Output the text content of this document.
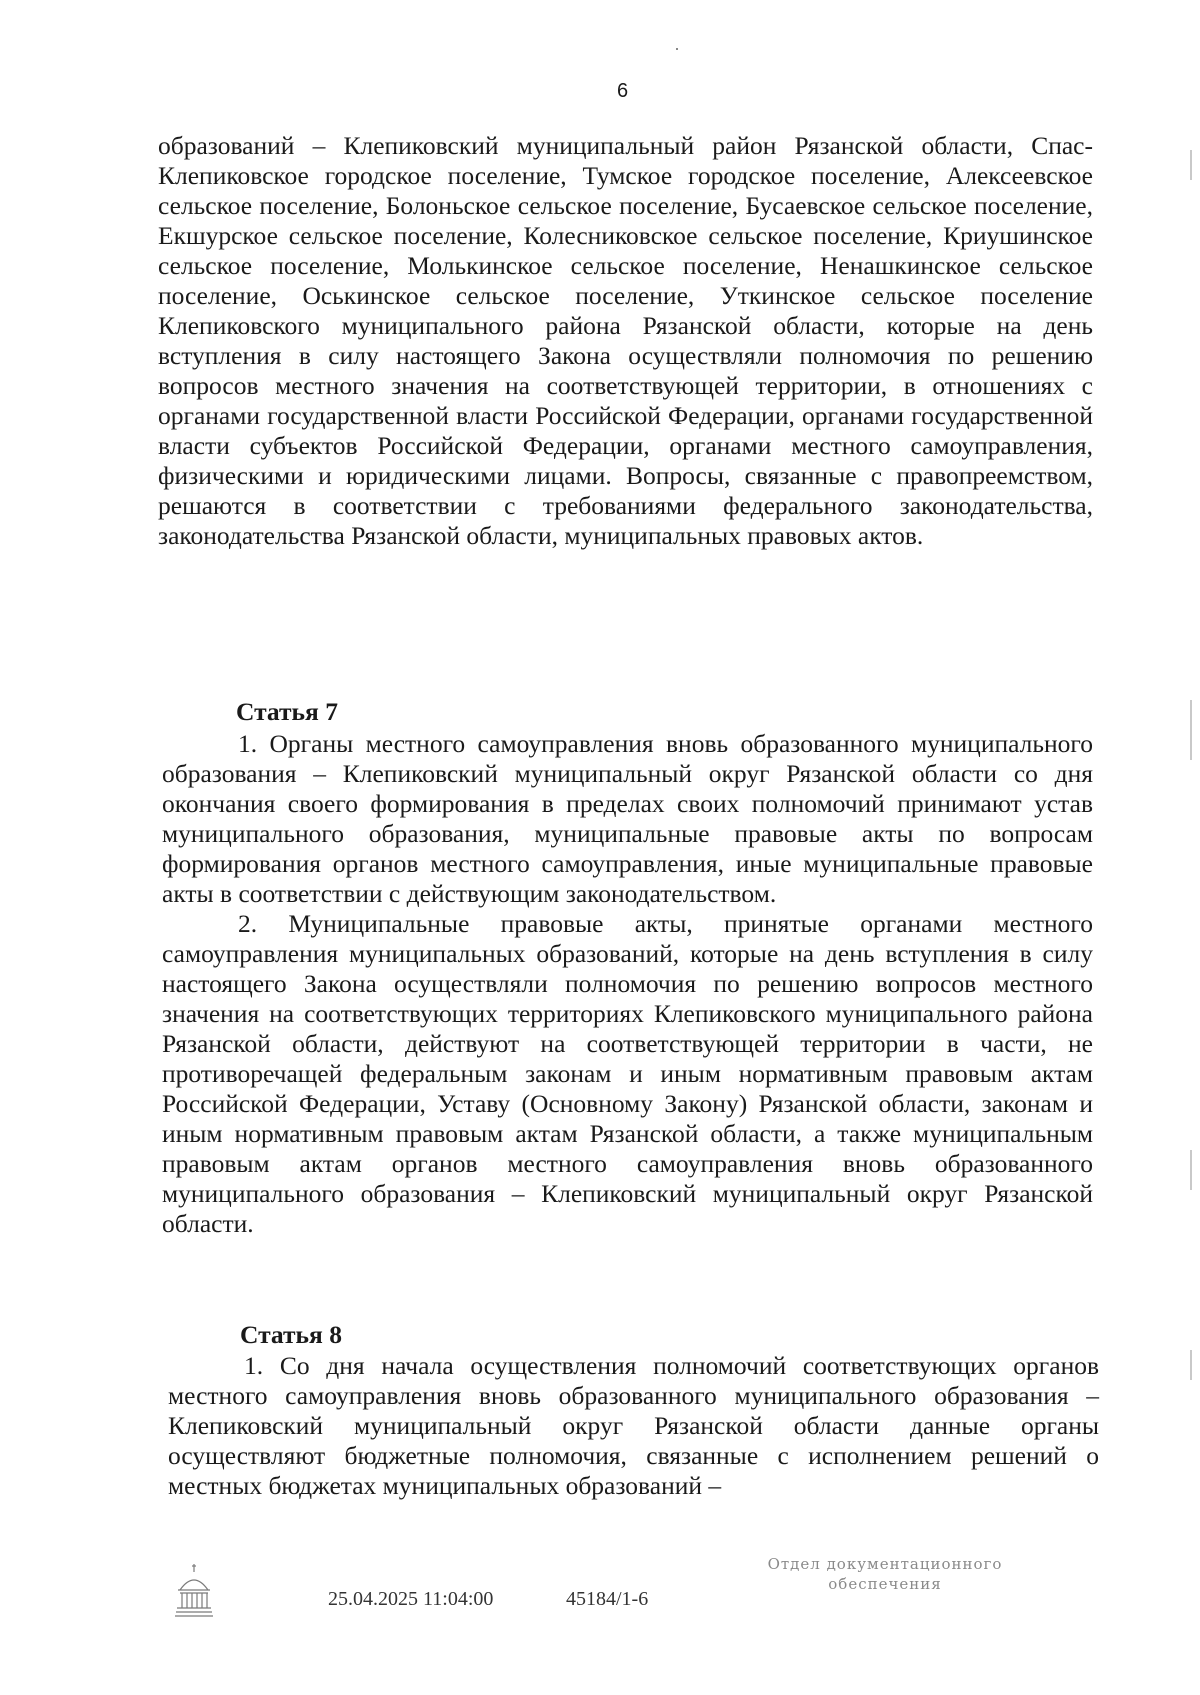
6

образований – Клепиковский муниципальный район Рязанской области, Спас-Клепиковское городское поселение, Тумское городское поселение, Алексеевское сельское поселение, Болоньское сельское поселение, Бусаевское сельское поселение, Екшурское сельское поселение, Колесниковское сельское поселение, Криушинское сельское поселение, Молькинское сельское поселение, Ненашкинское сельское поселение, Оськинское сельское поселение, Уткинское сельское поселение Клепиковского муниципального района Рязанской области, которые на день вступления в силу настоящего Закона осуществляли полномочия по решению вопросов местного значения на соответствующей территории, в отношениях с органами государственной власти Российской Федерации, органами государственной власти субъектов Российской Федерации, органами местного самоуправления, физическими и юридическими лицами. Вопросы, связанные с правопреемством, решаются в соответствии с требованиями федерального законодательства, законодательства Рязанской области, муниципальных правовых актов.

Статья 7

1. Органы местного самоуправления вновь образованного муниципального образования – Клепиковский муниципальный округ Рязанской области со дня окончания своего формирования в пределах своих полномочий принимают устав муниципального образования, муниципальные правовые акты по вопросам формирования органов местного самоуправления, иные муниципальные правовые акты в соответствии с действующим законодательством.

2. Муниципальные правовые акты, принятые органами местного самоуправления муниципальных образований, которые на день вступления в силу настоящего Закона осуществляли полномочия по решению вопросов местного значения на соответствующих территориях Клепиковского муниципального района Рязанской области, действуют на соответствующей территории в части, не противоречащей федеральным законам и иным нормативным правовым актам Российской Федерации, Уставу (Основному Закону) Рязанской области, законам и иным нормативным правовым актам Рязанской области, а также муниципальным правовым актам органов местного самоуправления вновь образованного муниципального образования – Клепиковский муниципальный округ Рязанской области.

Статья 8

1. Со дня начала осуществления полномочий соответствующих органов местного самоуправления вновь образованного муниципального образования – Клепиковский муниципальный округ Рязанской области данные органы осуществляют бюджетные полномочия, связанные с исполнением решений о местных бюджетах муниципальных образований –

25.04.2025 11:04:00	45184/1-6
Отдел документационного
обеспечения
